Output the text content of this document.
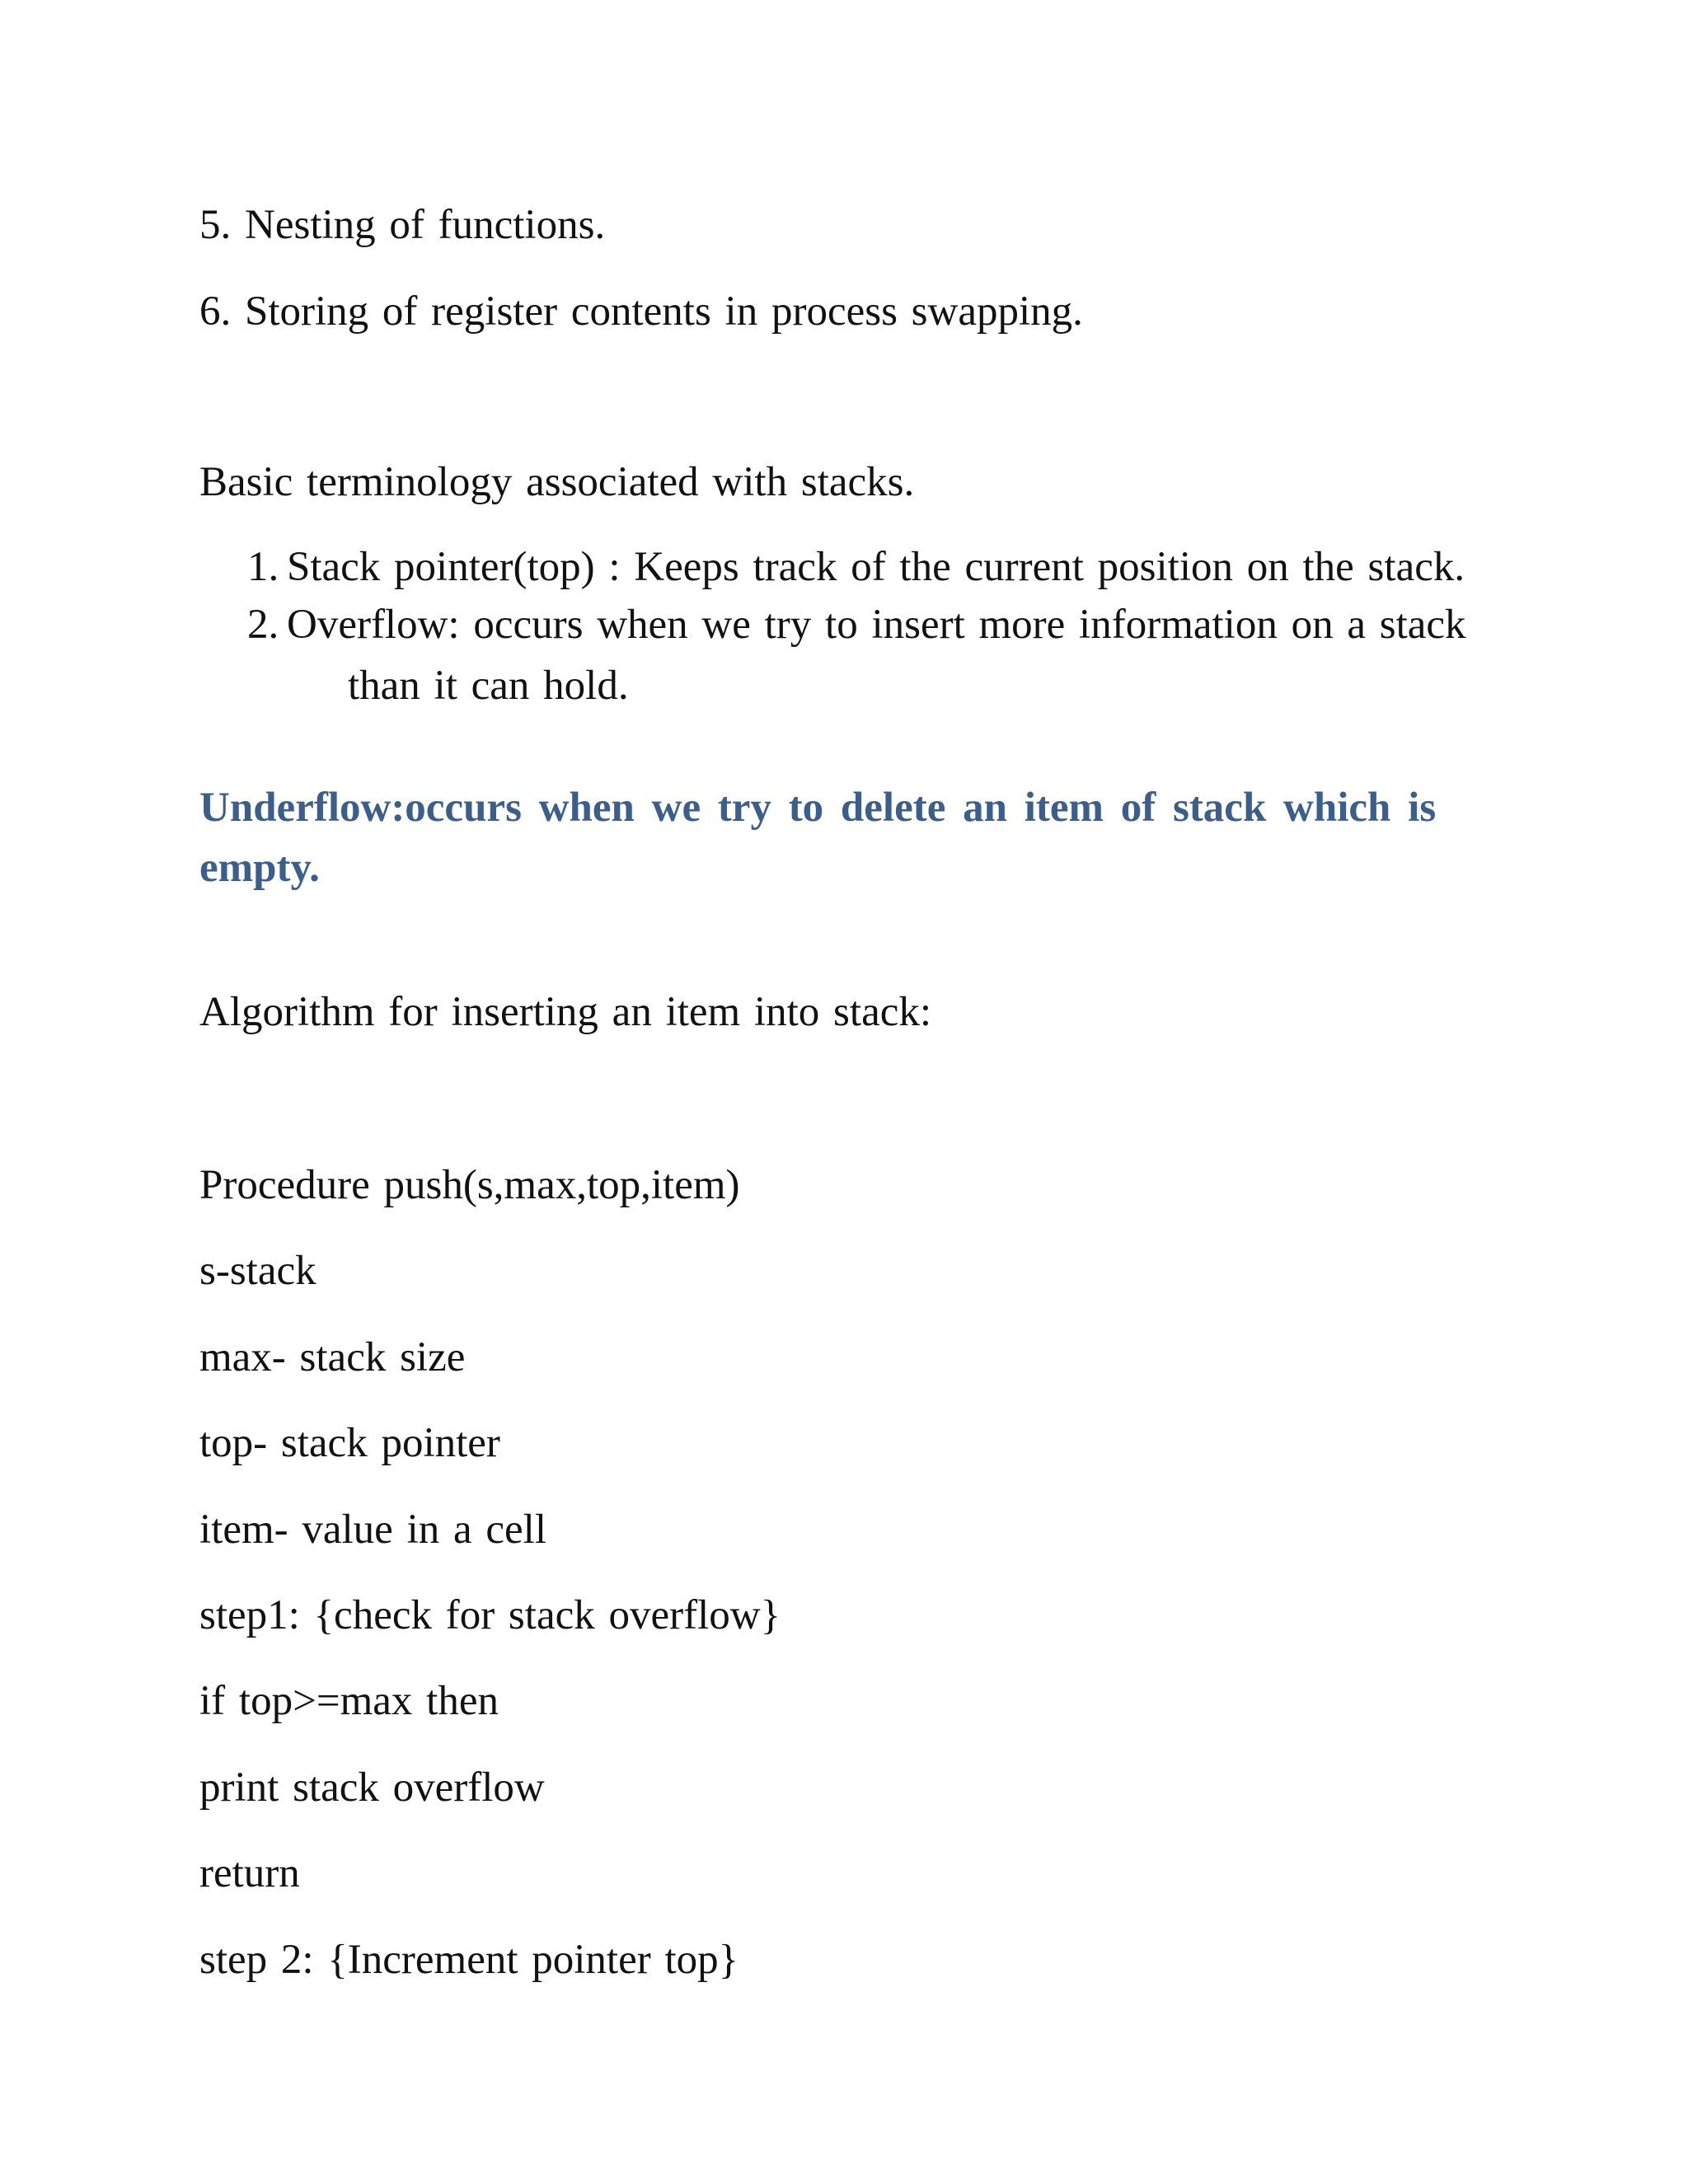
5. Nesting of functions.
6. Storing of register contents in process swapping.
Basic terminology associated with stacks.
1. Stack pointer(top) : Keeps track of the current position on the stack.
2. Overflow: occurs when we try to insert more information on a stack
than it can hold.
Underflow:occurs when we try to delete an item of stack which is
empty.
Algorithm for inserting an item into stack:
Procedure push(s,max,top,item)
s-stack
max- stack size
top- stack pointer
item- value in a cell
step1: {check for stack overflow}
if top>=max then
print stack overflow
return
step 2: {Increment pointer top}
